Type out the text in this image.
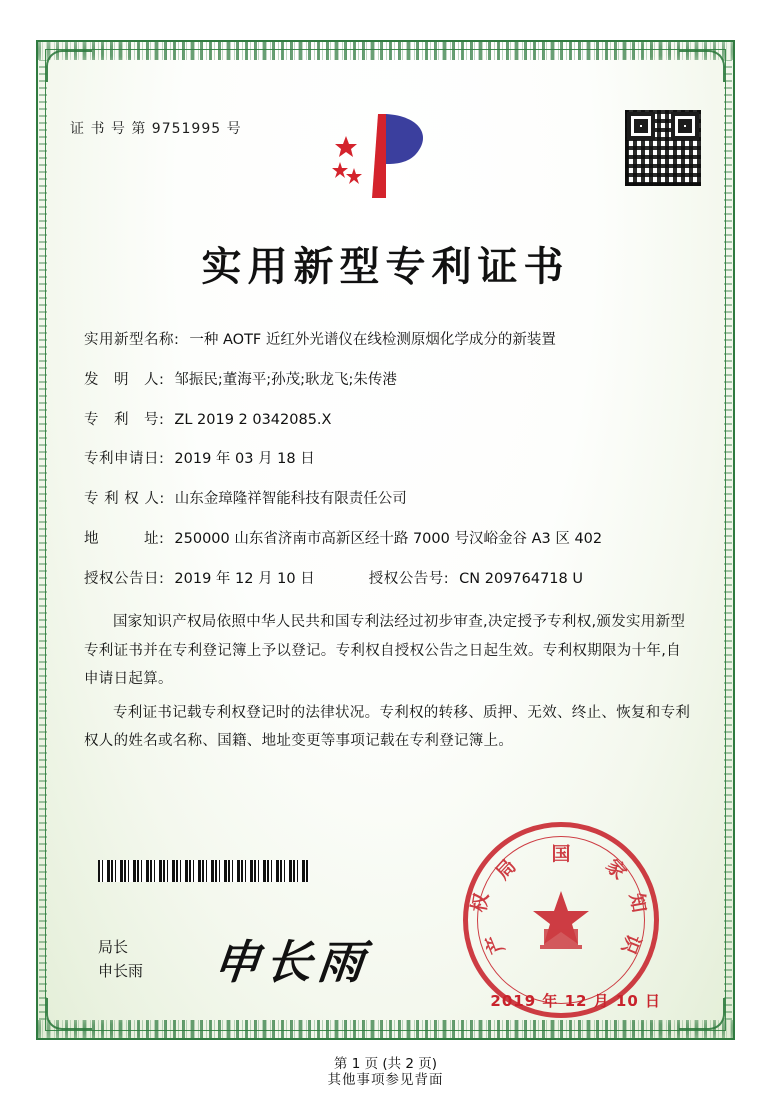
证 书 号 第 9751995 号
实用新型专利证书
实用新型名称: 一种 AOTF 近红外光谱仪在线检测原烟化学成分的新装置
发　明　人: 邹振民;董海平;孙茂;耿龙飞;朱传港
专　利　号: ZL 2019 2 0342085.X
专利申请日: 2019 年 03 月 18 日
专 利 权 人: 山东金璋隆祥智能科技有限责任公司
地　　　址: 250000 山东省济南市高新区经十路 7000 号汉峪金谷 A3 区 402
授权公告日: 2019 年 12 月 10 日	授权公告号: CN 209764718 U
国家知识产权局依照中华人民共和国专利法经过初步审查,决定授予专利权,颁发实用新型专利证书并在专利登记簿上予以登记。专利权自授权公告之日起生效。专利权期限为十年,自申请日起算。
专利证书记载专利权登记时的法律状况。专利权的转移、质押、无效、终止、恢复和专利权人的姓名或名称、国籍、地址变更等事项记载在专利登记簿上。
国
家
知
识
产
权
局
2019 年 12 月 10 日
局长
申长雨 申长雨
第 1 页 (共 2 页)
其他事项参见背面
